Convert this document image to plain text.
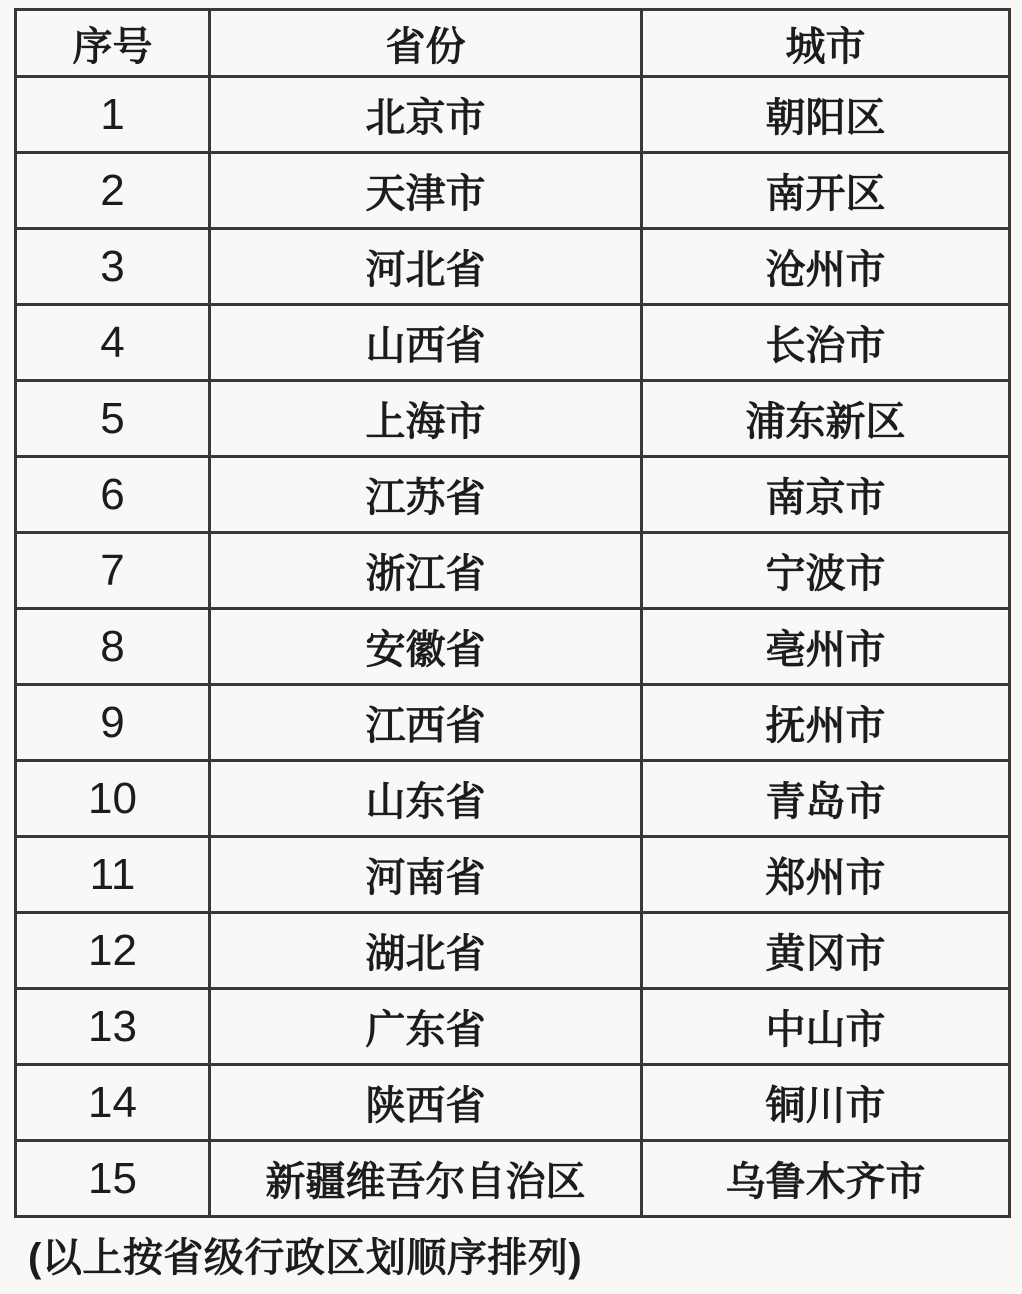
序号	省份	城市
1	北京市	朝阳区
2	天津市	南开区
3	河北省	沧州市
4	山西省	长治市
5	上海市	浦东新区
6	江苏省	南京市
7	浙江省	宁波市
8	安徽省	亳州市
9	江西省	抚州市
10	山东省	青岛市
11	河南省	郑州市
12	湖北省	黄冈市
13	广东省	中山市
14	陕西省	铜川市
15	新疆维吾尔自治区	乌鲁木齐市
(以上按省级行政区划顺序排列)
